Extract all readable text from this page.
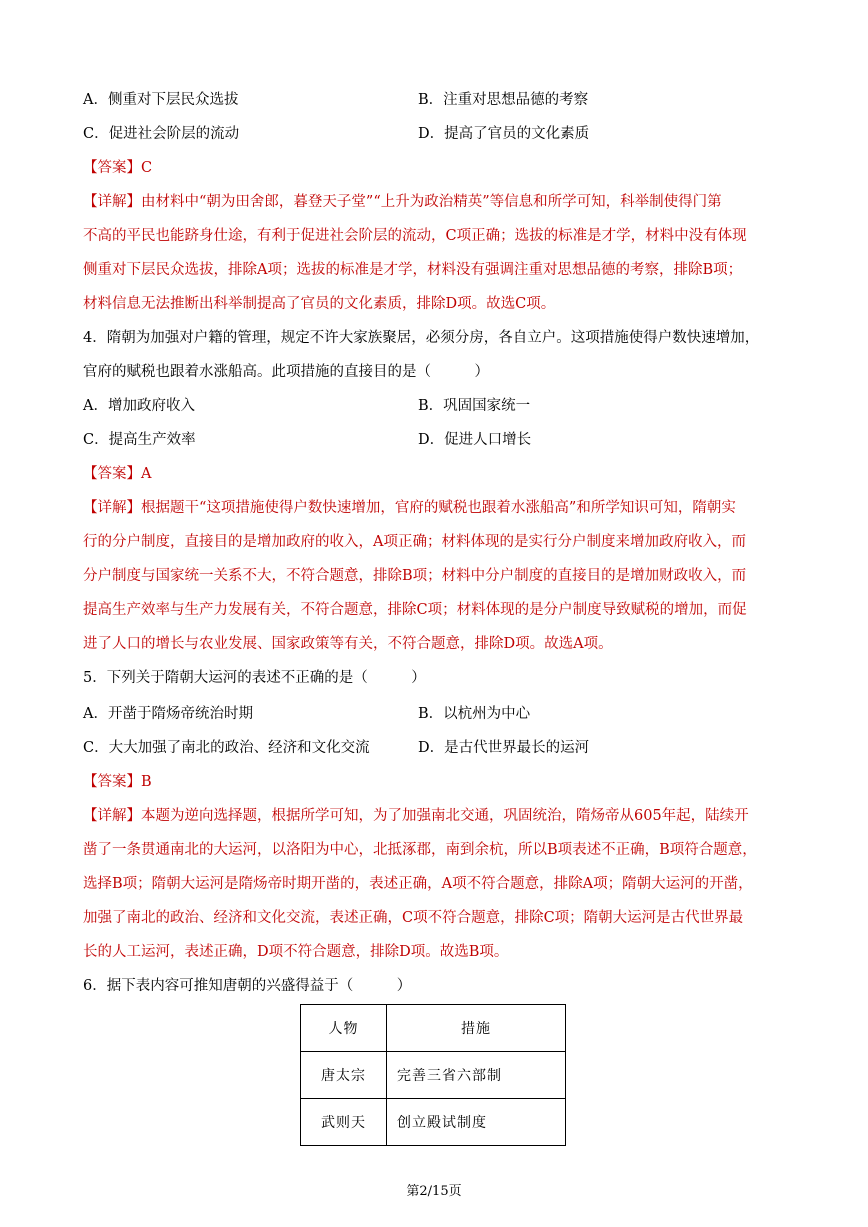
A．侧重对下层民众选拔	B．注重对思想品德的考察
C．促进社会阶层的流动	D．提高了官员的文化素质
【答案】C
【详解】由材料中“朝为田舍郎，暮登天子堂”“上升为政治精英”等信息和所学可知，科举制使得门第
不高的平民也能跻身仕途，有利于促进社会阶层的流动，C项正确；选拔的标准是才学，材料中没有体现
侧重对下层民众选拔，排除A项；选拔的标准是才学，材料没有强调注重对思想品德的考察，排除B项；
材料信息无法推断出科举制提高了官员的文化素质，排除D项。故选C项。
4．隋朝为加强对户籍的管理，规定不许大家族聚居，必须分房，各自立户。这项措施使得户数快速增加，
官府的赋税也跟着水涨船高。此项措施的直接目的是（　　　）
A．增加政府收入	B．巩固国家统一
C．提高生产效率	D．促进人口增长
【答案】A
【详解】根据题干“这项措施使得户数快速增加，官府的赋税也跟着水涨船高”和所学知识可知，隋朝实
行的分户制度，直接目的是增加政府的收入，A项正确；材料体现的是实行分户制度来增加政府收入，而
分户制度与国家统一关系不大，不符合题意，排除B项；材料中分户制度的直接目的是增加财政收入，而
提高生产效率与生产力发展有关，不符合题意，排除C项；材料体现的是分户制度导致赋税的增加，而促
进了人口的增长与农业发展、国家政策等有关，不符合题意，排除D项。故选A项。
5．下列关于隋朝大运河的表述不正确的是（　　　）
A．开凿于隋炀帝统治时期	B．以杭州为中心
C．大大加强了南北的政治、经济和文化交流	D．是古代世界最长的运河
【答案】B
【详解】本题为逆向选择题，根据所学可知，为了加强南北交通，巩固统治，隋炀帝从605年起，陆续开
凿了一条贯通南北的大运河，以洛阳为中心，北抵涿郡，南到余杭，所以B项表述不正确，B项符合题意，
选择B项；隋朝大运河是隋炀帝时期开凿的，表述正确，A项不符合题意，排除A项；隋朝大运河的开凿，
加强了南北的政治、经济和文化交流，表述正确，C项不符合题意，排除C项；隋朝大运河是古代世界最
长的人工运河，表述正确，D项不符合题意，排除D项。故选B项。
6．据下表内容可推知唐朝的兴盛得益于（　　　）
人物	措施
唐太宗	完善三省六部制
武则天	创立殿试制度
第2/15页
